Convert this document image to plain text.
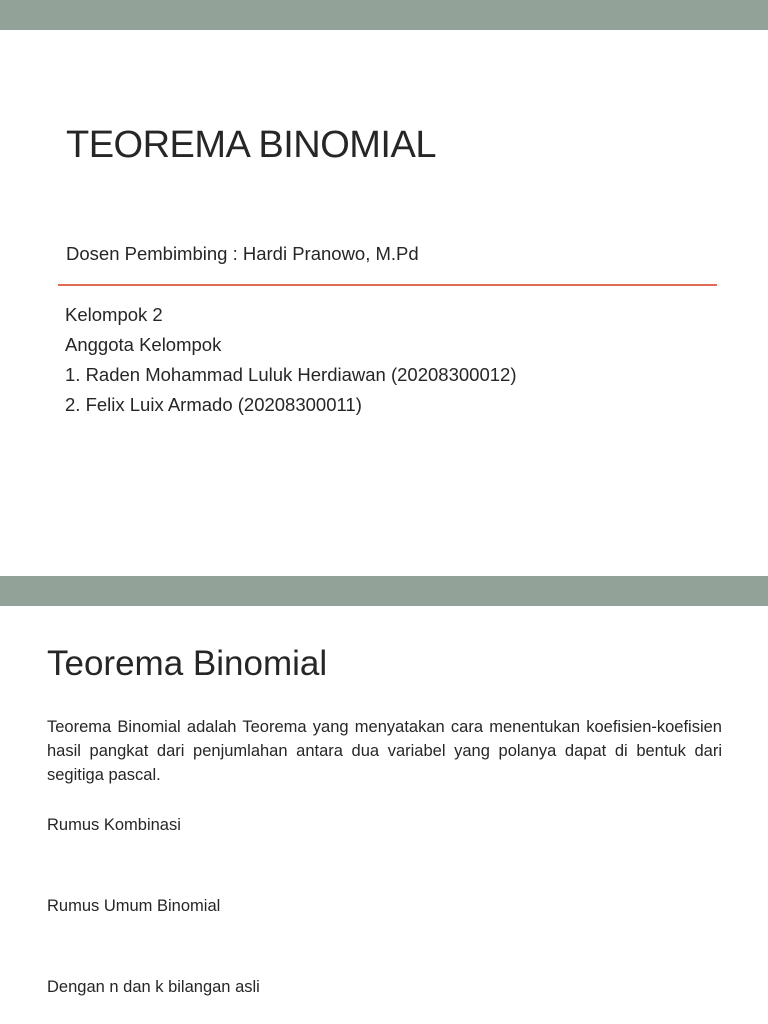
TEOREMA BINOMIAL
Dosen Pembimbing : Hardi Pranowo, M.Pd
Kelompok 2
Anggota Kelompok
1. Raden Mohammad Luluk Herdiawan (20208300012)
2. Felix Luix Armado (20208300011)
Teorema Binomial

Teorema Binomial adalah Teorema yang menyatakan cara menentukan koefisien-koefisien hasil pangkat dari penjumlahan antara dua variabel yang polanya dapat di bentuk dari segitiga pascal.

Rumus Kombinasi
Rumus Umum Binomial
Dengan n dan k bilangan asli
